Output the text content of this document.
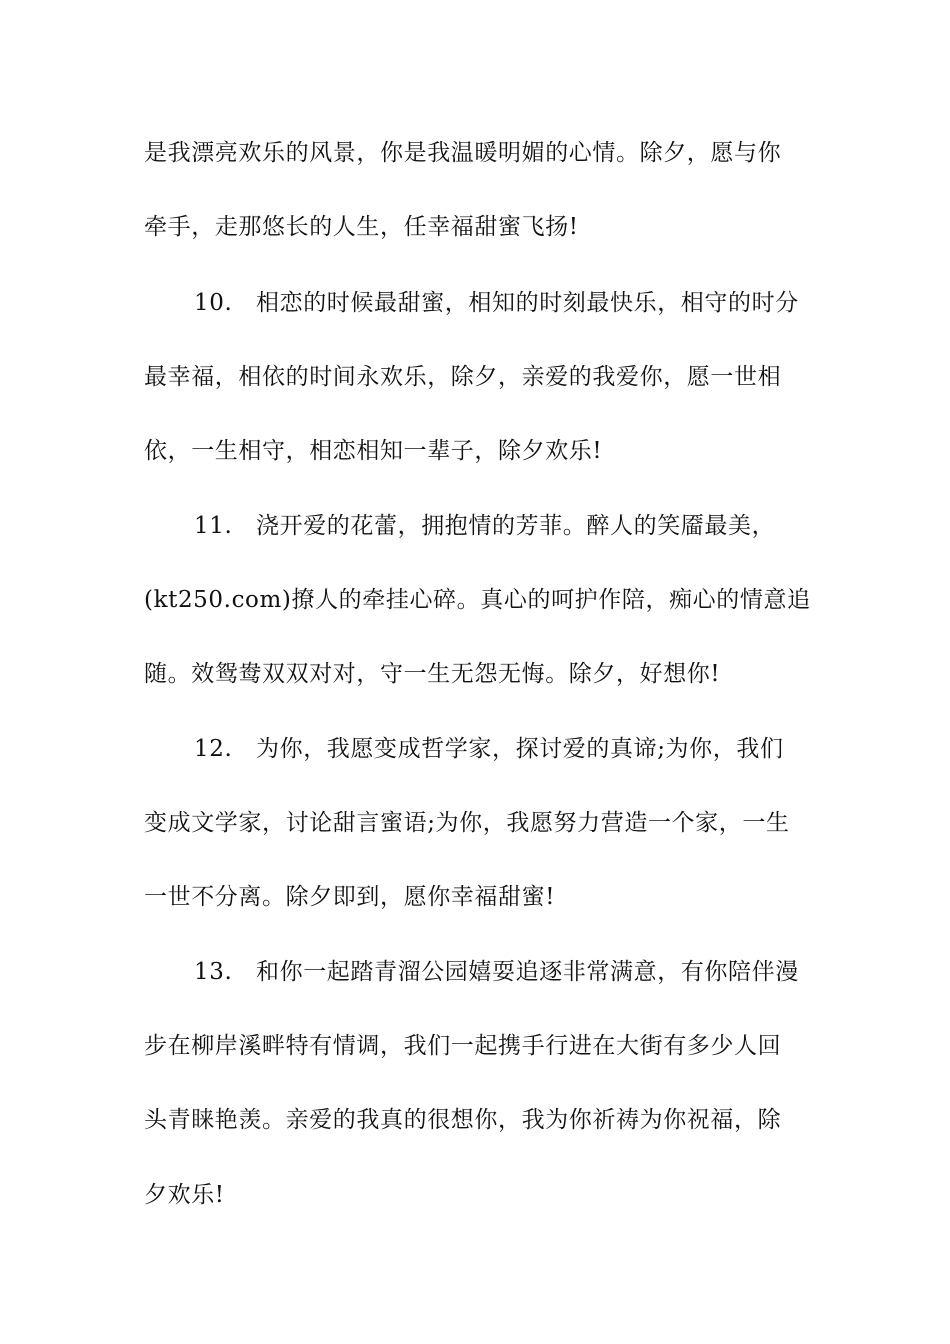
是我漂亮欢乐的风景，你是我温暖明媚的心情。除夕，愿与你
牵手，走那悠长的人生，任幸福甜蜜飞扬!
10. 相恋的时候最甜蜜，相知的时刻最快乐，相守的时分
最幸福，相依的时间永欢乐，除夕，亲爱的我爱你，愿一世相
依，一生相守，相恋相知一辈子，除夕欢乐!
11. 浇开爱的花蕾，拥抱情的芳菲。醉人的笑靥最美，
(kt250.com)撩人的牵挂心碎。真心的呵护作陪，痴心的情意追
随。效鸳鸯双双对对，守一生无怨无悔。除夕，好想你!
12. 为你，我愿变成哲学家，探讨爱的真谛;为你，我们
变成文学家，讨论甜言蜜语;为你，我愿努力营造一个家，一生
一世不分离。除夕即到，愿你幸福甜蜜!
13. 和你一起踏青溜公园嬉耍追逐非常满意，有你陪伴漫
步在柳岸溪畔特有情调，我们一起携手行进在大街有多少人回
头青睐艳羡。亲爱的我真的很想你，我为你祈祷为你祝福，除
夕欢乐!
